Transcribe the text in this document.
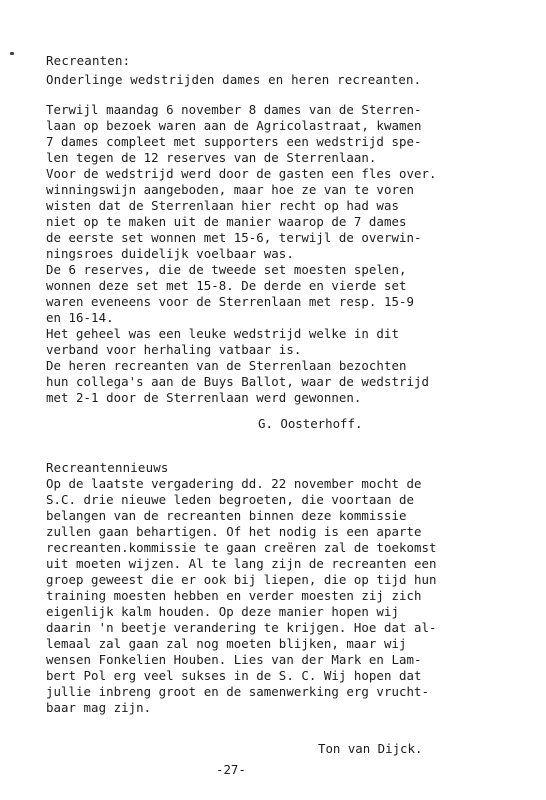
Recreanten:
Onderlinge wedstrijden dames en heren recreanten.
Terwijl maandag 6 november 8 dames van de Sterren-
laan op bezoek waren aan de Agricolastraat, kwamen
7 dames compleet met supporters een wedstrijd spe-
len tegen de 12 reserves van de Sterrenlaan.
Voor de wedstrijd werd door de gasten een fles over.
winningswijn aangeboden, maar hoe ze van te voren
wisten dat de Sterrenlaan hier recht op had was
niet op te maken uit de manier waarop de 7 dames
de eerste set wonnen met 15-6, terwijl de overwin-
ningsroes duidelijk voelbaar was.
De 6 reserves, die de tweede set moesten spelen,
wonnen deze set met 15-8. De derde en vierde set
waren eveneens voor de Sterrenlaan met resp. 15-9
en 16-14.
Het geheel was een leuke wedstrijd welke in dit
verband voor herhaling vatbaar is.
De heren recreanten van de Sterrenlaan bezochten
hun collega's aan de Buys Ballot, waar de wedstrijd
met 2-1 door de Sterrenlaan werd gewonnen.
G. Oosterhoff.
Recreantennieuws
Op de laatste vergadering dd. 22 november mocht de
S.C. drie nieuwe leden begroeten, die voortaan de
belangen van de recreanten binnen deze kommissie
zullen gaan behartigen. Of het nodig is een aparte
recreanten.kommissie te gaan creëren zal de toekomst
uit moeten wijzen. Al te lang zijn de recreanten een
groep geweest die er ook bij liepen, die op tijd hun
training moesten hebben en verder moesten zij zich
eigenlijk kalm houden. Op deze manier hopen wij
daarin 'n beetje verandering te krijgen. Hoe dat al-
lemaal zal gaan zal nog moeten blijken, maar wij
wensen Fonkelien Houben. Lies van der Mark en Lam-
bert Pol erg veel sukses in de S. C. Wij hopen dat
jullie inbreng groot en de samenwerking erg vrucht-
baar mag zijn.
Ton van Dijck.
-27-
